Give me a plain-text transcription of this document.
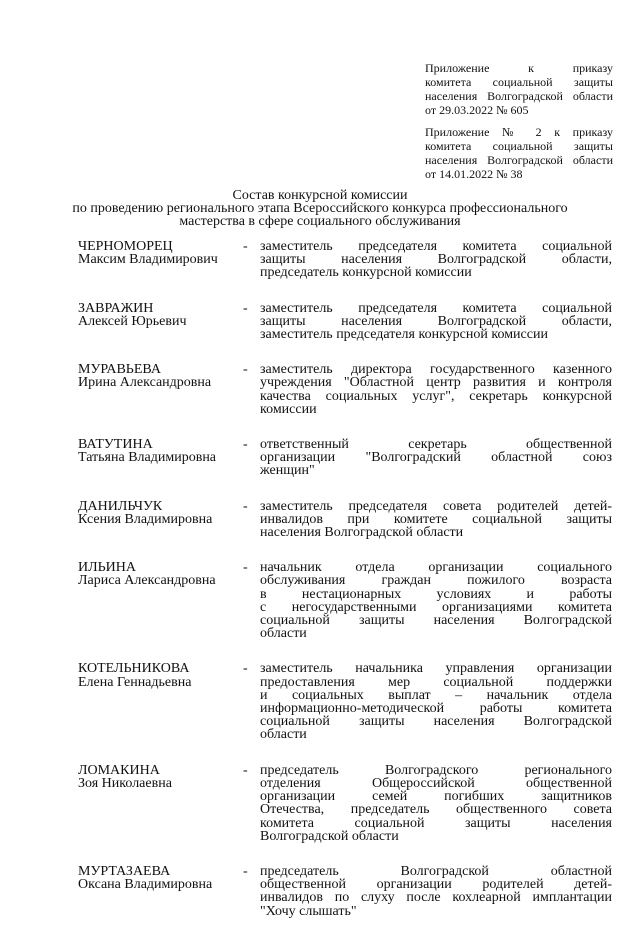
Приложение к приказу
комитета социальной защиты
населения Волгоградской области
от 29.03.2022 № 605
Приложение № 2 к приказу
комитета социальной защиты
населения Волгоградской области
от 14.01.2022 № 38
Состав конкурсной комиссии
по проведению регионального этапа Всероссийского конкурса профессионального
мастерства в сфере социального обслуживания
ЧЕРНОМОРЕЦ
Максим Владимирович
- заместитель председателя комитета социальной
защиты населения Волгоградской области,
председатель конкурсной комиссии
ЗАВРАЖИН
Алексей Юрьевич
- заместитель председателя комитета социальной
защиты населения Волгоградской области,
заместитель председателя конкурсной комиссии
МУРАВЬЕВА
Ирина Александровна
- заместитель директора государственного казенного
учреждения "Областной центр развития и контроля
качества социальных услуг", секретарь конкурсной
комиссии
ВАТУТИНА
Татьяна Владимировна
- ответственный секретарь общественной
организации "Волгоградский областной союз
женщин"
ДАНИЛЬЧУК
Ксения Владимировна
- заместитель председателя совета родителей детей-
инвалидов при комитете социальной защиты
населения Волгоградской области
ИЛЬИНА
Лариса Александровна
- начальник отдела организации социального
обслуживания граждан пожилого возраста
в нестационарных условиях и работы
с негосударственными организациями комитета
социальной защиты населения Волгоградской
области
КОТЕЛЬНИКОВА
Елена Геннадьевна
- заместитель начальника управления организации
предоставления мер социальной поддержки
и социальных выплат – начальник отдела
информационно-методической работы комитета
социальной защиты населения Волгоградской
области
ЛОМАКИНА
Зоя Николаевна
- председатель Волгоградского регионального
отделения Общероссийской общественной
организации семей погибших защитников
Отечества, председатель общественного совета
комитета социальной защиты населения
Волгоградской области
МУРТАЗАЕВА
Оксана Владимировна
- председатель Волгоградской областной
общественной организации родителей детей-
инвалидов по слуху после кохлеарной имплантации
"Хочу слышать"
